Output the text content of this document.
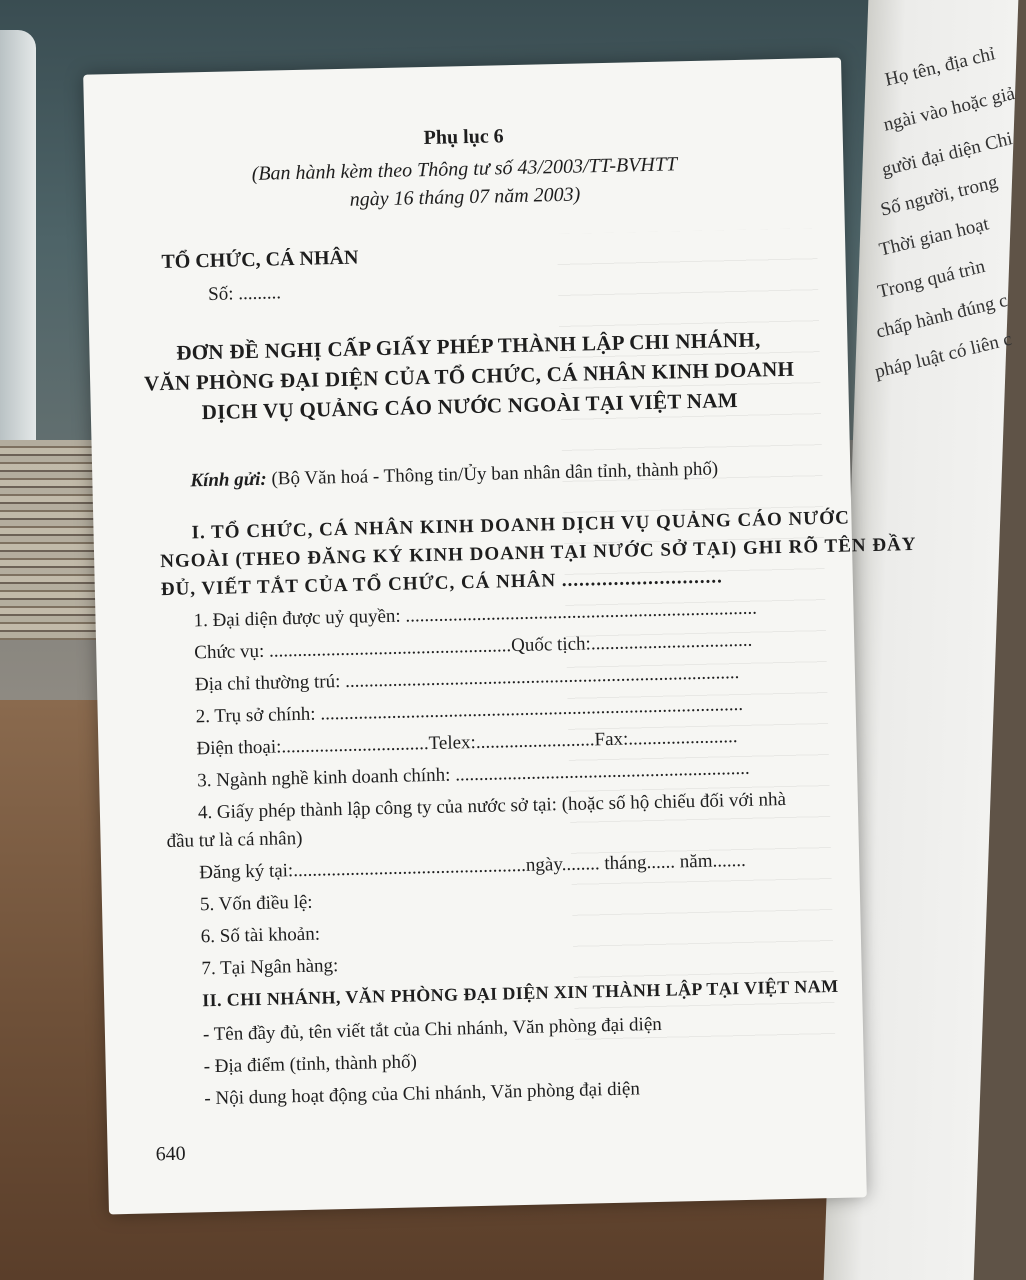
Họ tên, địa chỉ
ngài vào hoặc giả
gười đại diện Chi
Số người, trong
Thời gian hoạt
Trong quá trìn
chấp hành đúng c
pháp luật có liên c
Phụ lục 6
(Ban hành kèm theo Thông tư số 43/2003/TT-BVHTT
ngày 16 tháng 07 năm 2003)
TỔ CHỨC, CÁ NHÂN
Số: .........
ĐƠN ĐỀ NGHỊ CẤP GIẤY PHÉP THÀNH LẬP CHI NHÁNH,
VĂN PHÒNG ĐẠI DIỆN CỦA TỔ CHỨC, CÁ NHÂN KINH DOANH
DỊCH VỤ QUẢNG CÁO NƯỚC NGOÀI TẠI VIỆT NAM
Kính gửi: (Bộ Văn hoá - Thông tin/Ủy ban nhân dân tỉnh, thành phố)
I. TỔ CHỨC, CÁ NHÂN KINH DOANH DỊCH VỤ QUẢNG CÁO NƯỚC
NGOÀI (THEO ĐĂNG KÝ KINH DOANH TẠI NƯỚC SỞ TẠI) GHI RÕ TÊN ĐẦY
ĐỦ, VIẾT TẮT CỦA TỔ CHỨC, CÁ NHÂN ............................
1. Đại diện được uỷ quyền: ..........................................................................
Chức vụ: ...................................................Quốc tịch:..................................
Địa chỉ thường trú: ...................................................................................
2. Trụ sở chính: .........................................................................................
Điện thoại:...............................Telex:.........................Fax:.......................
3. Ngành nghề kinh doanh chính: ..............................................................
4. Giấy phép thành lập công ty của nước sở tại: (hoặc số hộ chiếu đối với nhà
đầu tư là cá nhân)
Đăng ký tại:.................................................ngày........ tháng...... năm.......
5. Vốn điều lệ:
6. Số tài khoản:
7. Tại Ngân hàng:
II. CHI NHÁNH, VĂN PHÒNG ĐẠI DIỆN XIN THÀNH LẬP TẠI VIỆT NAM
- Tên đầy đủ, tên viết tắt của Chi nhánh, Văn phòng đại diện
- Địa điểm (tỉnh, thành phố)
- Nội dung hoạt động của Chi nhánh, Văn phòng đại diện
640
